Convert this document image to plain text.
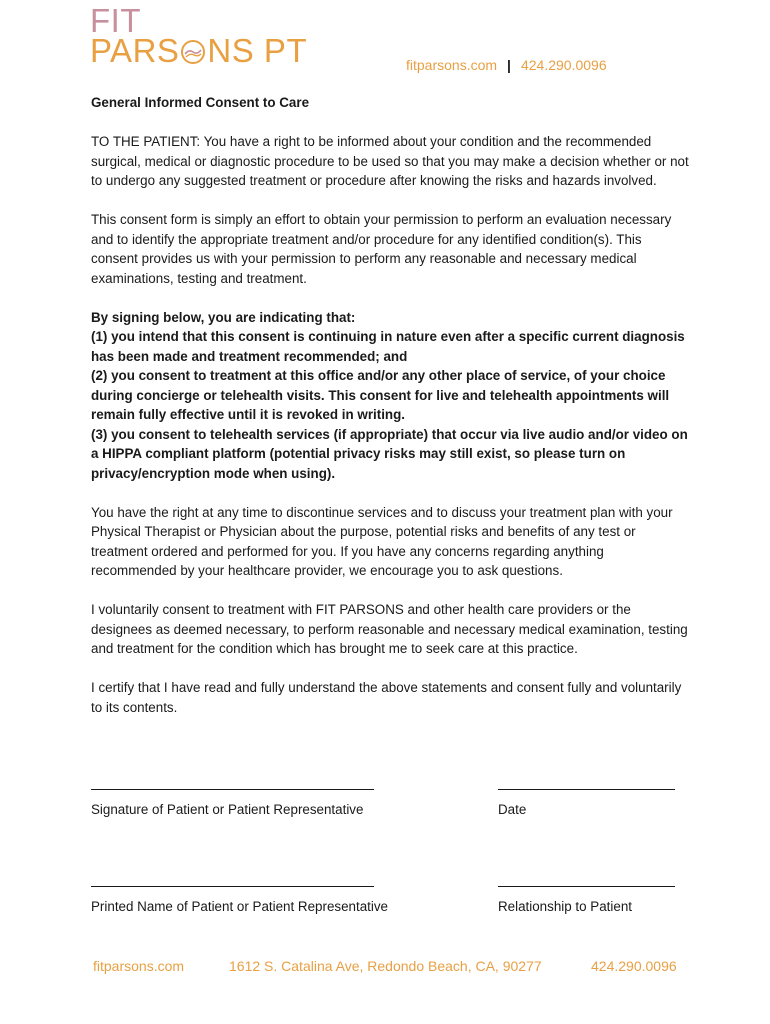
FIT
PARS NS PT	fitparsons.com | 424.290.0096
General Informed Consent to Care

TO THE PATIENT: You have a right to be informed about your condition and the recommended surgical, medical or diagnostic procedure to be used so that you may make a decision whether or not to undergo any suggested treatment or procedure after knowing the risks and hazards involved.

This consent form is simply an effort to obtain your permission to perform an evaluation necessary and to identify the appropriate treatment and/or procedure for any identified condition(s). This consent provides us with your permission to perform any reasonable and necessary medical examinations, testing and treatment.

By signing below, you are indicating that:

(1) you intend that this consent is continuing in nature even after a specific current diagnosis has been made and treatment recommended; and

(2) you consent to treatment at this office and/or any other place of service, of your choice during concierge or telehealth visits. This consent for live and telehealth appointments will remain fully effective until it is revoked in writing.

(3) you consent to telehealth services (if appropriate) that occur via live audio and/or video on a HIPPA compliant platform (potential privacy risks may still exist, so please turn on privacy/encryption mode when using).

You have the right at any time to discontinue services and to discuss your treatment plan with your Physical Therapist or Physician about the purpose, potential risks and benefits of any test or treatment ordered and performed for you. If you have any concerns regarding anything recommended by your healthcare provider, we encourage you to ask questions.

I voluntarily consent to treatment with FIT PARSONS and other health care providers or the designees as deemed necessary, to perform reasonable and necessary medical examination, testing and treatment for the condition which has brought me to seek care at this practice.

I certify that I have read and fully understand the above statements and consent fully and voluntarily to its contents.

Signature of Patient or Patient Representative	Date
Printed Name of Patient or Patient Representative	Relationship to Patient
fitparsons.com	1612 S. Catalina Ave, Redondo Beach, CA, 90277	424.290.0096
